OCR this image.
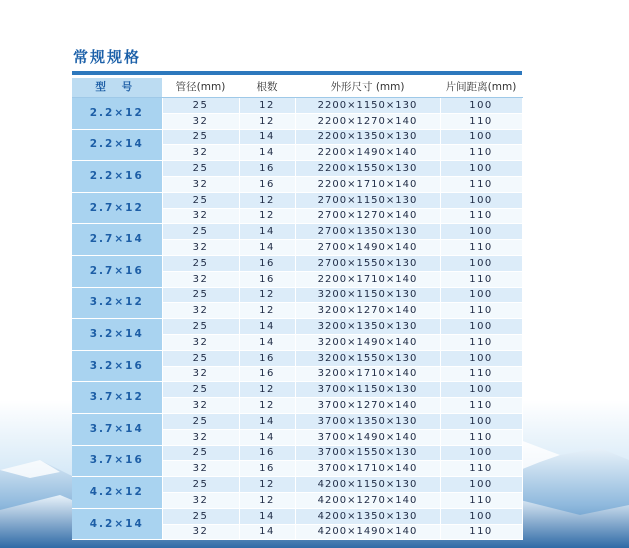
常规规格
型 号	管径(mm)	根数	外形尺寸 (mm)	片间距离(mm)
2.2×12	25	12	2200×1150×130	100
	32	12	2200×1270×140	110
2.2×14	25	14	2200×1350×130	100
	32	14	2200×1490×140	110
2.2×16	25	16	2200×1550×130	100
	32	16	2200×1710×140	110
2.7×12	25	12	2700×1150×130	100
	32	12	2700×1270×140	110
2.7×14	25	14	2700×1350×130	100
	32	14	2700×1490×140	110
2.7×16	25	16	2700×1550×130	100
	32	16	2200×1710×140	110
3.2×12	25	12	3200×1150×130	100
	32	12	3200×1270×140	110
3.2×14	25	14	3200×1350×130	100
	32	14	3200×1490×140	110
3.2×16	25	16	3200×1550×130	100
	32	16	3200×1710×140	110
3.7×12	25	12	3700×1150×130	100
	32	12	3700×1270×140	110
3.7×14	25	14	3700×1350×130	100
	32	14	3700×1490×140	110
3.7×16	25	16	3700×1550×130	100
	32	16	3700×1710×140	110
4.2×12	25	12	4200×1150×130	100
	32	12	4200×1270×140	110
4.2×14	25	14	4200×1350×130	100
	32	14	4200×1490×140	110
